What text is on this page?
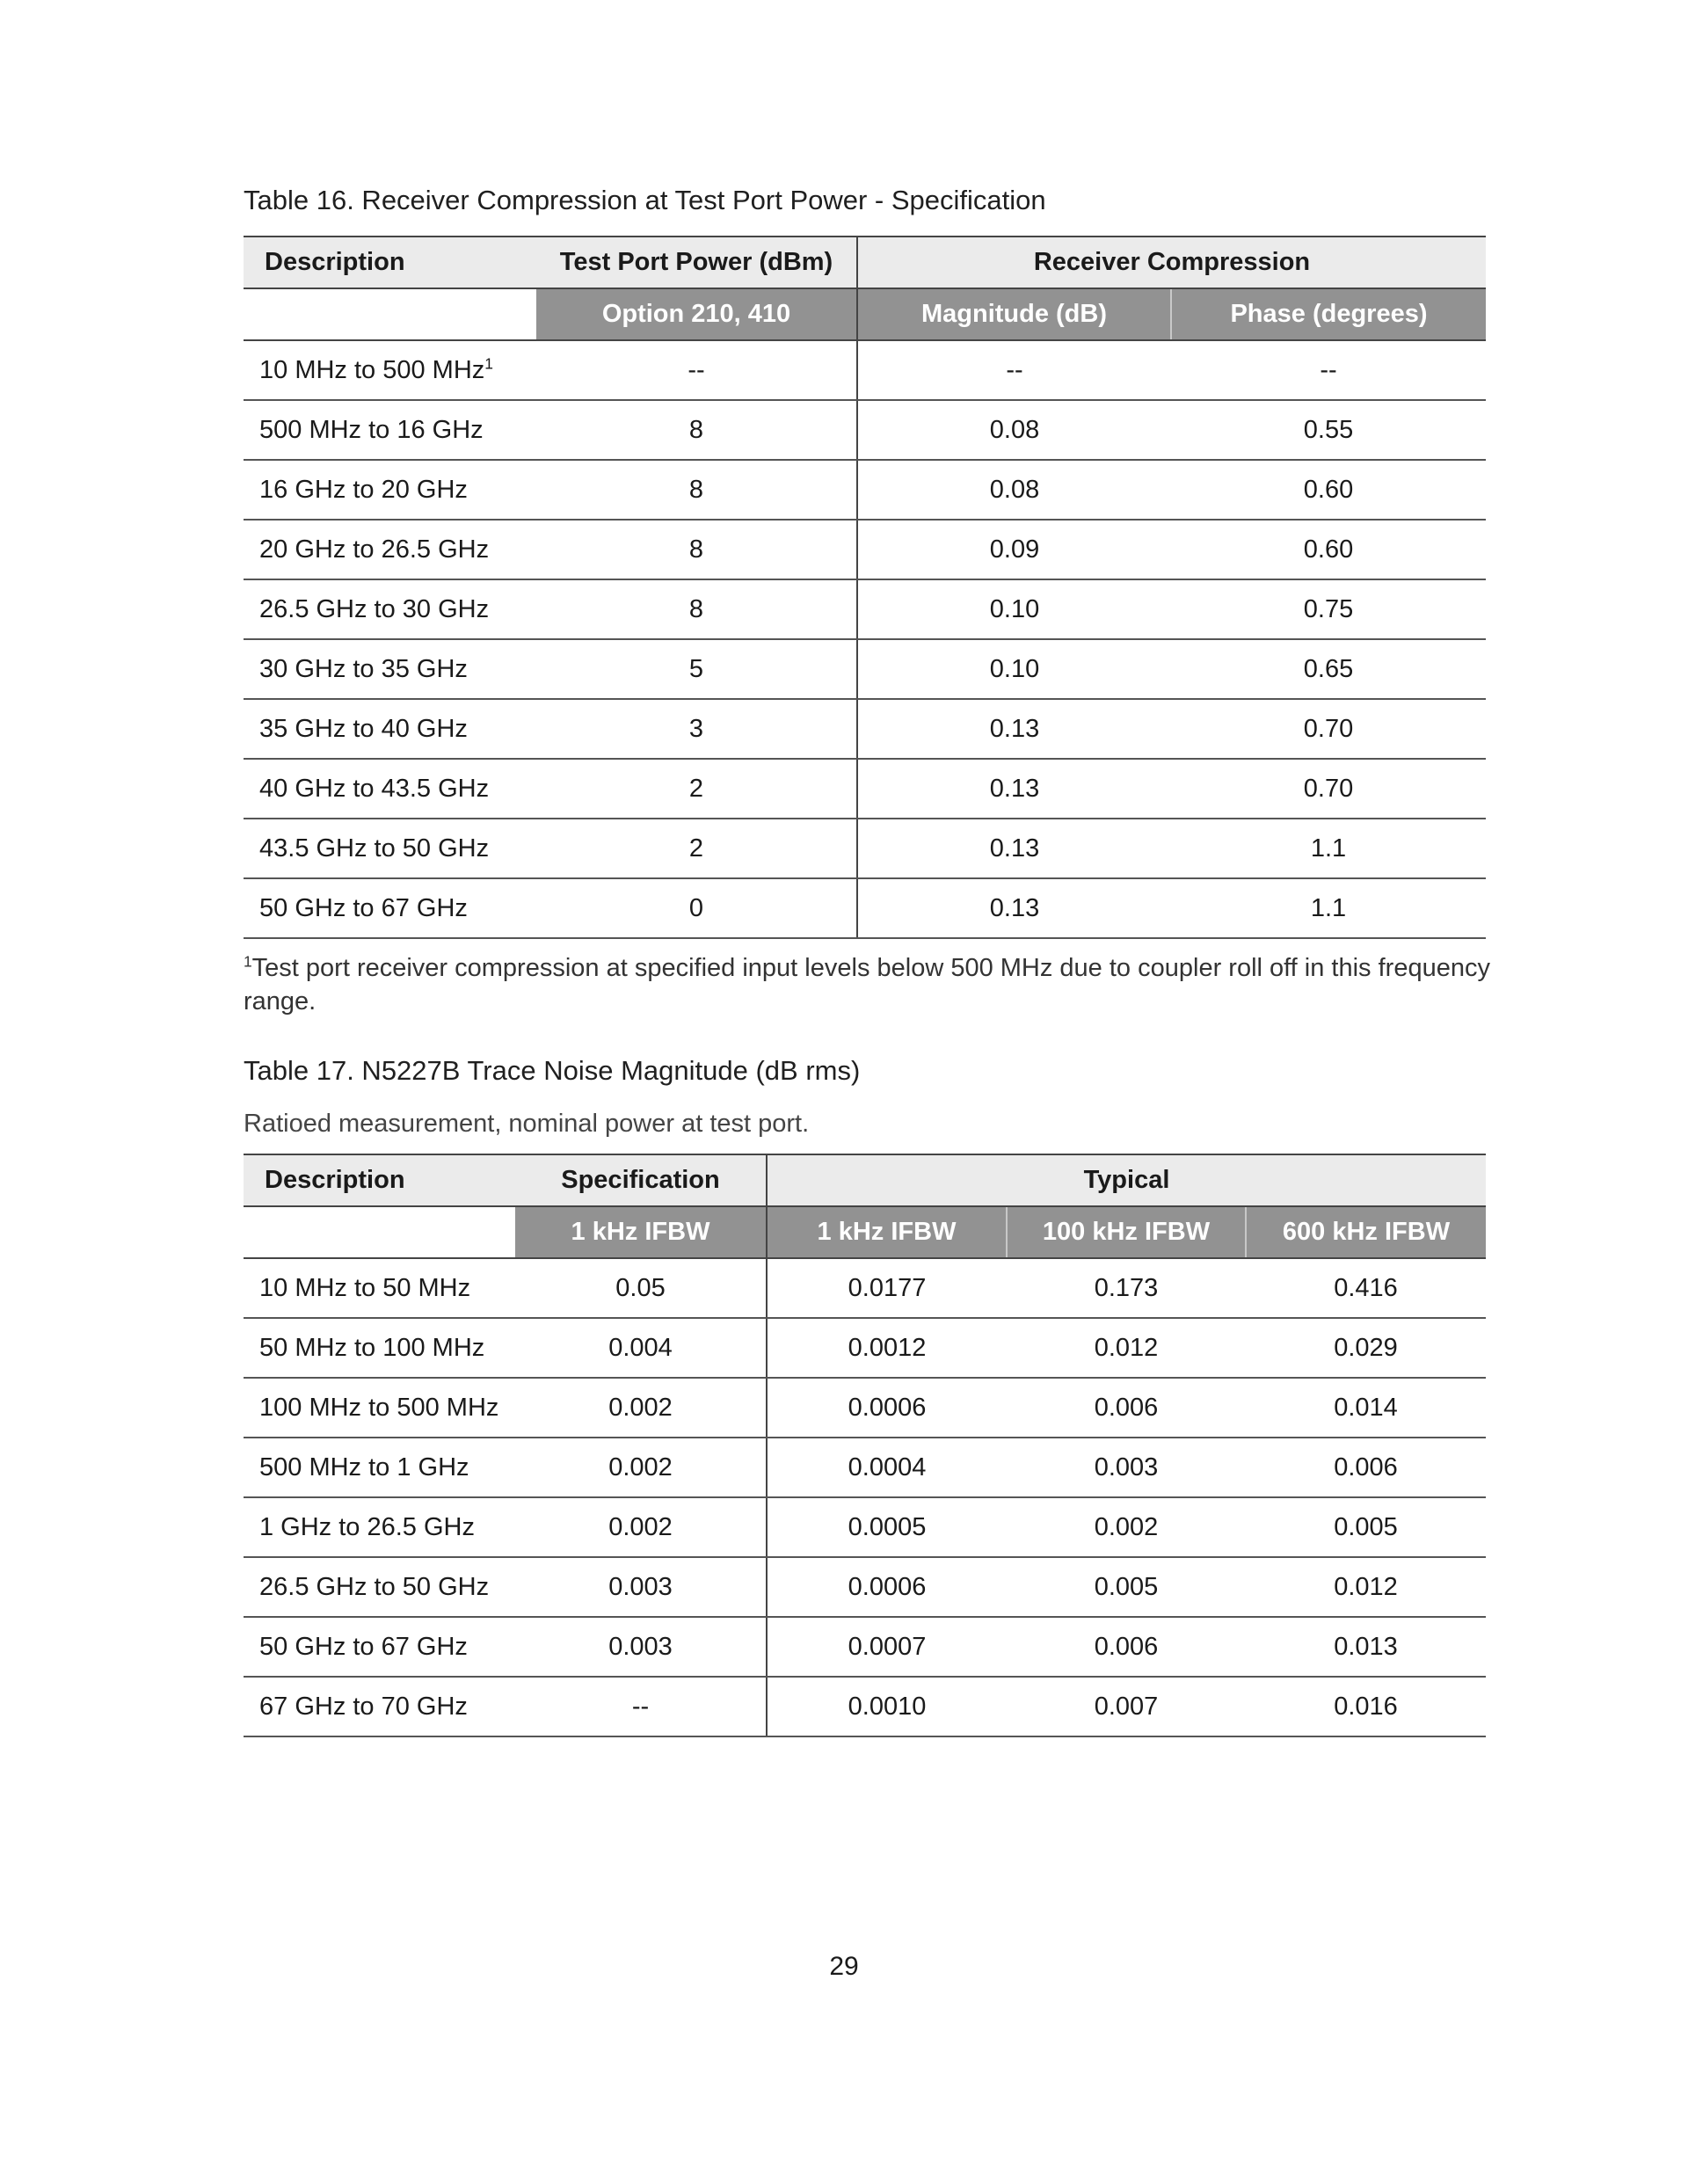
Table 16. Receiver Compression at Test Port Power - Specification
Description	Test Port Power (dBm)	Receiver Compression	
	Option 210, 410	Magnitude (dB)	Phase (degrees)
10 MHz to 500 MHz$^1$	--	--	--
500 MHz to 16 GHz	8	0.08	0.55
16 GHz to 20 GHz	8	0.08	0.60
20 GHz to 26.5 GHz	8	0.09	0.60
26.5 GHz to 30 GHz	8	0.10	0.75
30 GHz to 35 GHz	5	0.10	0.65
35 GHz to 40 GHz	3	0.13	0.70
40 GHz to 43.5 GHz	2	0.13	0.70
43.5 GHz to 50 GHz	2	0.13	1.1
50 GHz to 67 GHz	0	0.13	1.1
$^1$Test port receiver compression at specified input levels below 500 MHz due to coupler roll off in this frequency range.
Table 17. N5227B Trace Noise Magnitude (dB rms)
Ratioed measurement, nominal power at test port.
Description	Specification	Typical		
	1 kHz IFBW	1 kHz IFBW	100 kHz IFBW	600 kHz IFBW
10 MHz to 50 MHz	0.05	0.0177	0.173	0.416
50 MHz to 100 MHz	0.004	0.0012	0.012	0.029
100 MHz to 500 MHz	0.002	0.0006	0.006	0.014
500 MHz to 1 GHz	0.002	0.0004	0.003	0.006
1 GHz to 26.5 GHz	0.002	0.0005	0.002	0.005
26.5 GHz to 50 GHz	0.003	0.0006	0.005	0.012
50 GHz to 67 GHz	0.003	0.0007	0.006	0.013
67 GHz to 70 GHz	--	0.0010	0.007	0.016
29
